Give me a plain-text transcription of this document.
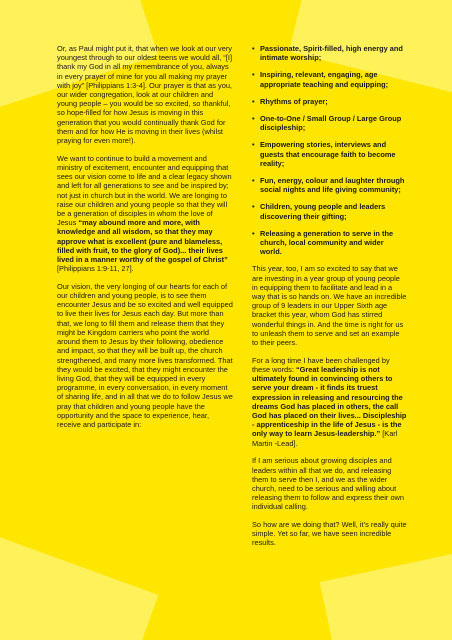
Or, as Paul might put it, that when we look at our very youngest through to our oldest teens we would all, “[I] thank my God in all my remembrance of you, always in every prayer of mine for you all making my prayer with joy” [Philippians 1:3-4]. Our prayer is that as you, our wider congregation, look at our children and young people – you would be so excited, so thankful, so hope-filled for how Jesus is moving in this generation that you would continually thank God for them and for how He is moving in their lives (whilst praying for even more!).

We want to continue to build a movement and ministry of excitement, encounter and equipping that sees our vision come to life and a clear legacy shown and left for all generations to see and be inspired by; not just in church but in the world. We are longing to raise our children and young people so that they will be a generation of disciples in whom the love of Jesus “may abound more and more, with knowledge and all wisdom, so that they may approve what is excellent (pure and blameless, filled with fruit, to the glory of God)... their lives lived in a manner worthy of the gospel of Christ” [Philippians 1:9-11, 27].

Our vision, the very longing of our hearts for each of our children and young people, is to see them encounter Jesus and be so excited and well equipped to live their lives for Jesus each day. But more than that, we long to fill them and release them that they might be Kingdom carriers who point the world around them to Jesus by their following, obedience and impact, so that they will be built up, the church strengthened, and many more lives transformed. That they would be excited, that they might encounter the living God, that they will be equipped in every programme, in every conversation, in every moment of sharing life, and in all that we do to follow Jesus we pray that children and young people have the opportunity and the space to experience, hear, receive and participate in:

• Passionate, Spirit-filled, high energy and intimate worship;
• Inspiring, relevant, engaging, age appropriate teaching and equipping;
• Rhythms of prayer;
• One-to-One / Small Group / Large Group discipleship;
• Empowering stories, interviews and guests that encourage faith to become reality;
• Fun, energy, colour and laughter through social nights and life giving community;
• Children, young people and leaders discovering their gifting;
• Releasing a generation to serve in the church, local community and wider world.

This year, too, I am so excited to say that we are investing in a year group of young people in equipping them to facilitate and lead in a way that is so hands on. We have an incredible group of 9 leaders in our Upper Sixth age bracket this year, whom God has stirred wonderful things in. And the time is right for us to unleash them to serve and set an example to their peers.

For a long time I have been challenged by these words: “Great leadership is not ultimately found in convincing others to serve your dream - it finds its truest expression in releasing and resourcing the dreams God has placed in others, the call God has placed on their lives... Discipleship - apprenticeship in the life of Jesus - is the only way to learn Jesus-leadership.” [Karl Martin -Lead].

If I am serious about growing disciples and leaders within all that we do, and releasing them to serve then I, and we as the wider church, need to be serious and willing about releasing them to follow and express their own individual calling.

So how are we doing that? Well, it’s really quite simple. Yet so far, we have seen incredible results.
